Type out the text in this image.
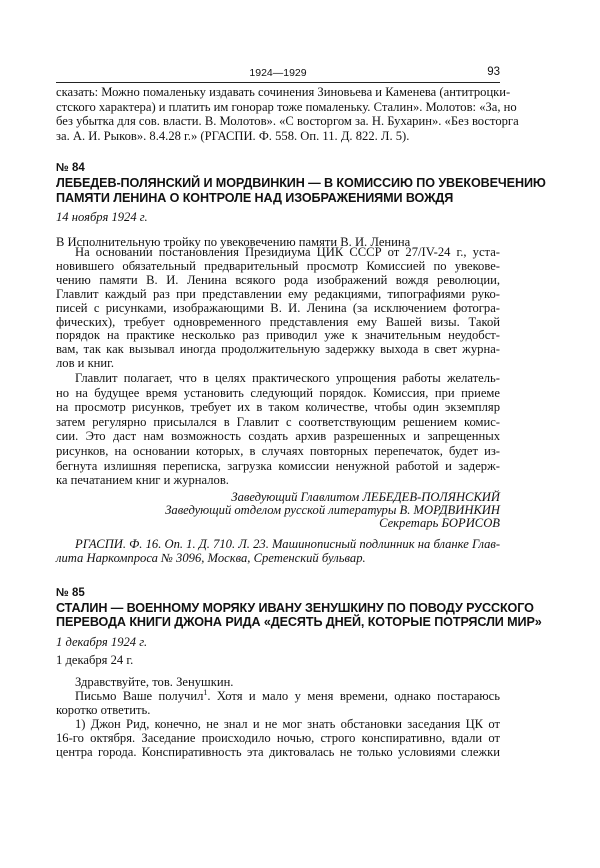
1924—1929	93
сказать: Можно помаленьку издавать сочинения Зиновьева и Каменева (антитроцки-
стского характера) и платить им гонорар тоже помаленьку. Сталин». Молотов: «За, но
без убытка для сов. власти. В. Молотов». «С восторгом за. Н. Бухарин». «Без восторга
за. А. И. Рыков». 8.4.28 г.» (РГАСПИ. Ф. 558. Оп. 11. Д. 822. Л. 5).
№ 84
ЛЕБЕДЕВ-ПОЛЯНСКИЙ И МОРДВИНКИН — В КОМИССИЮ ПО УВЕКОВЕЧЕНИЮ
ПАМЯТИ ЛЕНИНА О КОНТРОЛЕ НАД ИЗОБРАЖЕНИЯМИ ВОЖДЯ
14 ноября 1924 г.
В Исполнительную тройку по увековечению памяти В. И. Ленина
На основании постановления Президиума ЦИК СССР от 27/IV-24 г., уста-
новившего обязательный предварительный просмотр Комиссией по увекове-
чению памяти В. И. Ленина всякого рода изображений вождя революции,
Главлит каждый раз при представлении ему редакциями, типографиями руко-
писей с рисунками, изображающими В. И. Ленина (за исключением фотогра-
фических), требует одновременного представления ему Вашей визы. Такой
порядок на практике несколько раз приводил уже к значительным неудобст-
вам, так как вызывал иногда продолжительную задержку выхода в свет журна-
лов и книг.
Главлит полагает, что в целях практического упрощения работы желатель-
но на будущее время установить следующий порядок. Комиссия, при приеме
на просмотр рисунков, требует их в таком количестве, чтобы один экземпляр
затем регулярно присылался в Главлит с соответствующим решением комис-
сии. Это даст нам возможность создать архив разрешенных и запрещенных
рисунков, на основании которых, в случаях повторных перепечаток, будет из-
бегнута излишняя переписка, загрузка комиссии ненужной работой и задерж-
ка печатанием книг и журналов.
Заведующий Главлитом ЛЕБЕДЕВ-ПОЛЯНСКИЙ
Заведующий отделом русской литературы В. МОРДВИНКИН
Секретарь БОРИСОВ
РГАСПИ. Ф. 16. Оп. 1. Д. 710. Л. 23. Машинописный подлинник на бланке Глав-
лита Наркомпроса № 3096, Москва, Сретенский бульвар.
№ 85
СТАЛИН — ВОЕННОМУ МОРЯКУ ИВАНУ ЗЕНУШКИНУ ПО ПОВОДУ РУССКОГО
ПЕРЕВОДА КНИГИ ДЖОНА РИДА «ДЕСЯТЬ ДНЕЙ, КОТОРЫЕ ПОТРЯСЛИ МИР»
1 декабря 1924 г.
1 декабря 24 г.
Здравствуйте, тов. Зенушкин.
Письмо Ваше получил$^1$. Хотя и мало у меня времени, однако постараюсь
коротко ответить.
1) Джон Рид, конечно, не знал и не мог знать обстановки заседания ЦК от
16-го октября. Заседание происходило ночью, строго конспиративно, вдали от
центра города. Конспиративность эта диктовалась не только условиями слежки
